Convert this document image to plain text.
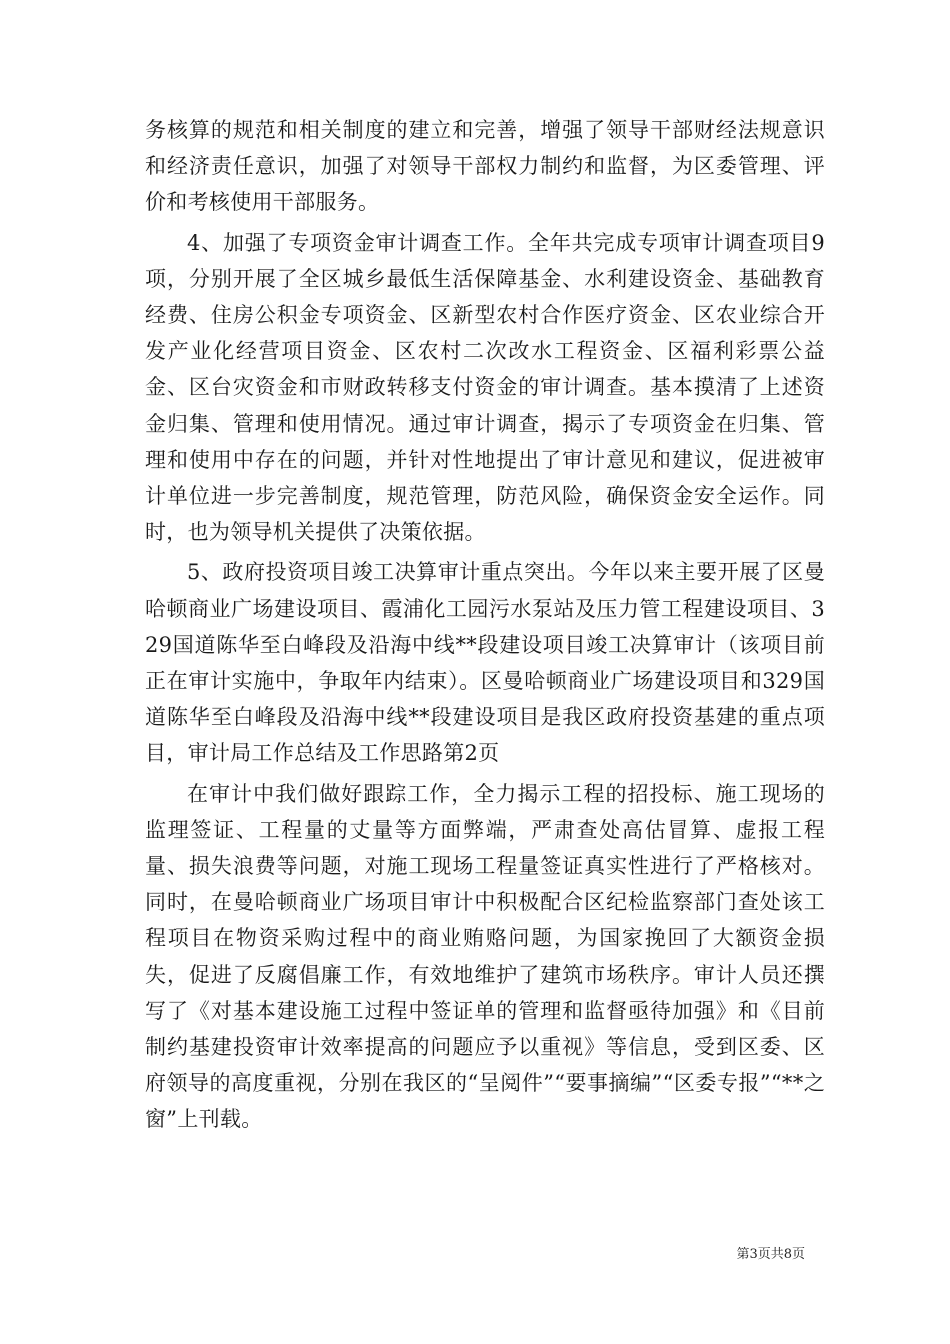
务核算的规范和相关制度的建立和完善，增强了领导干部财经法规意识和经济责任意识，加强了对领导干部权力制约和监督，为区委管理、评价和考核使用干部服务。

4、加强了专项资金审计调查工作。全年共完成专项审计调查项目9项，分别开展了全区城乡最低生活保障基金、水利建设资金、基础教育经费、住房公积金专项资金、区新型农村合作医疗资金、区农业综合开发产业化经营项目资金、区农村二次改水工程资金、区福利彩票公益金、区台灾资金和市财政转移支付资金的审计调查。基本摸清了上述资金归集、管理和使用情况。通过审计调查，揭示了专项资金在归集、管理和使用中存在的问题，并针对性地提出了审计意见和建议，促进被审计单位进一步完善制度，规范管理，防范风险，确保资金安全运作。同时，也为领导机关提供了决策依据。

5、政府投资项目竣工决算审计重点突出。今年以来主要开展了区曼哈顿商业广场建设项目、霞浦化工园污水泵站及压力管工程建设项目、329国道陈华至白峰段及沿海中线**段建设项目竣工决算审计（该项目前正在审计实施中，争取年内结束）。区曼哈顿商业广场建设项目和329国道陈华至白峰段及沿海中线**段建设项目是我区政府投资基建的重点项目，审计局工作总结及工作思路第2页

在审计中我们做好跟踪工作，全力揭示工程的招投标、施工现场的监理签证、工程量的丈量等方面弊端，严肃查处高估冒算、虚报工程量、损失浪费等问题，对施工现场工程量签证真实性进行了严格核对。同时，在曼哈顿商业广场项目审计中积极配合区纪检监察部门查处该工程项目在物资采购过程中的商业贿赂问题，为国家挽回了大额资金损失，促进了反腐倡廉工作，有效地维护了建筑市场秩序。审计人员还撰写了《对基本建设施工过程中签证单的管理和监督亟待加强》和《目前制约基建投资审计效率提高的问题应予以重视》等信息，受到区委、区府领导的高度重视，分别在我区的“呈阅件”“要事摘编”“区委专报”“**之窗”上刊载。

第3页共8页
